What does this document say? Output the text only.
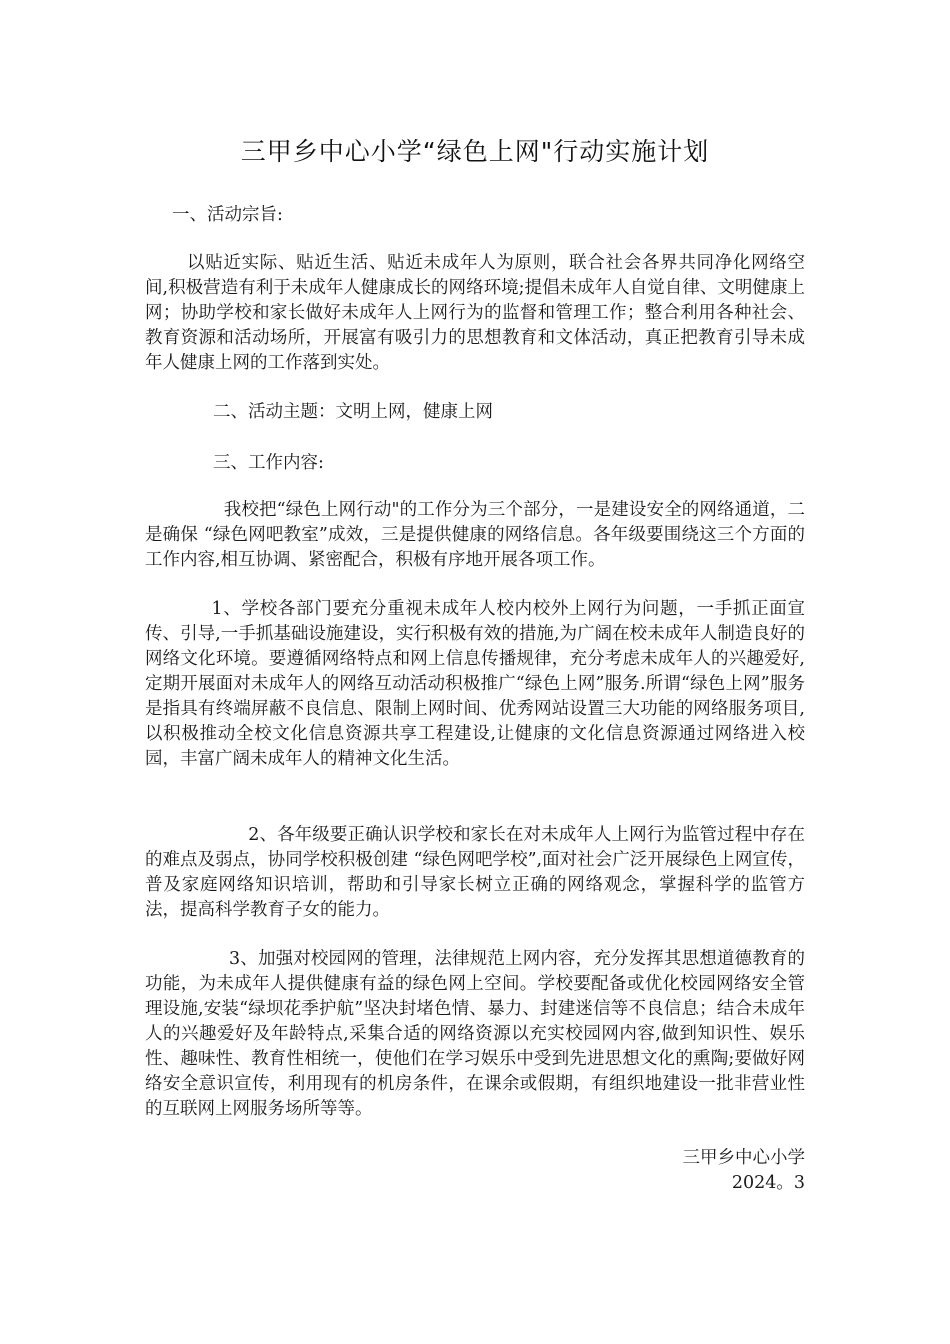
三甲乡中心小学“绿色上网"行动实施计划
一、活动宗旨:
以贴近实际、贴近生活、贴近未成年人为原则，联合社会各界共同净化网络空间,积极营造有利于未成年人健康成长的网络环境;提倡未成年人自觉自律、文明健康上网；协助学校和家长做好未成年人上网行为的监督和管理工作；整合利用各种社会、教育资源和活动场所，开展富有吸引力的思想教育和文体活动，真正把教育引导未成年人健康上网的工作落到实处。
二、活动主题：文明上网，健康上网
三、工作内容:
我校把“绿色上网行动"的工作分为三个部分，一是建设安全的网络通道，二是确保 “绿色网吧教室”成效，三是提供健康的网络信息。各年级要围绕这三个方面的工作内容,相互协调、紧密配合，积极有序地开展各项工作。
1、学校各部门要充分重视未成年人校内校外上网行为问题，一手抓正面宣传、引导,一手抓基础设施建设，实行积极有效的措施,为广阔在校未成年人制造良好的网络文化环境。要遵循网络特点和网上信息传播规律，充分考虑未成年人的兴趣爱好,定期开展面对未成年人的网络互动活动积极推广“绿色上网”服务.所谓“绿色上网”服务是指具有终端屏蔽不良信息、限制上网时间、优秀网站设置三大功能的网络服务项目,以积极推动全校文化信息资源共享工程建设,让健康的文化信息资源通过网络进入校园，丰富广阔未成年人的精神文化生活。
2、各年级要正确认识学校和家长在对未成年人上网行为监管过程中存在的难点及弱点，协同学校积极创建 “绿色网吧学校”,面对社会广泛开展绿色上网宣传，普及家庭网络知识培训，帮助和引导家长树立正确的网络观念，掌握科学的监管方法，提高科学教育子女的能力。
3、加强对校园网的管理，法律规范上网内容，充分发挥其思想道德教育的功能，为未成年人提供健康有益的绿色网上空间。学校要配备或优化校园网络安全管理设施,安装“绿坝花季护航”坚决封堵色情、暴力、封建迷信等不良信息；结合未成年人的兴趣爱好及年龄特点,采集合适的网络资源以充实校园网内容,做到知识性、娱乐性、趣味性、教育性相统一，使他们在学习娱乐中受到先进思想文化的熏陶;要做好网络安全意识宣传，利用现有的机房条件，在课余或假期，有组织地建设一批非营业性的互联网上网服务场所等等。
三甲乡中心小学
2024。3
